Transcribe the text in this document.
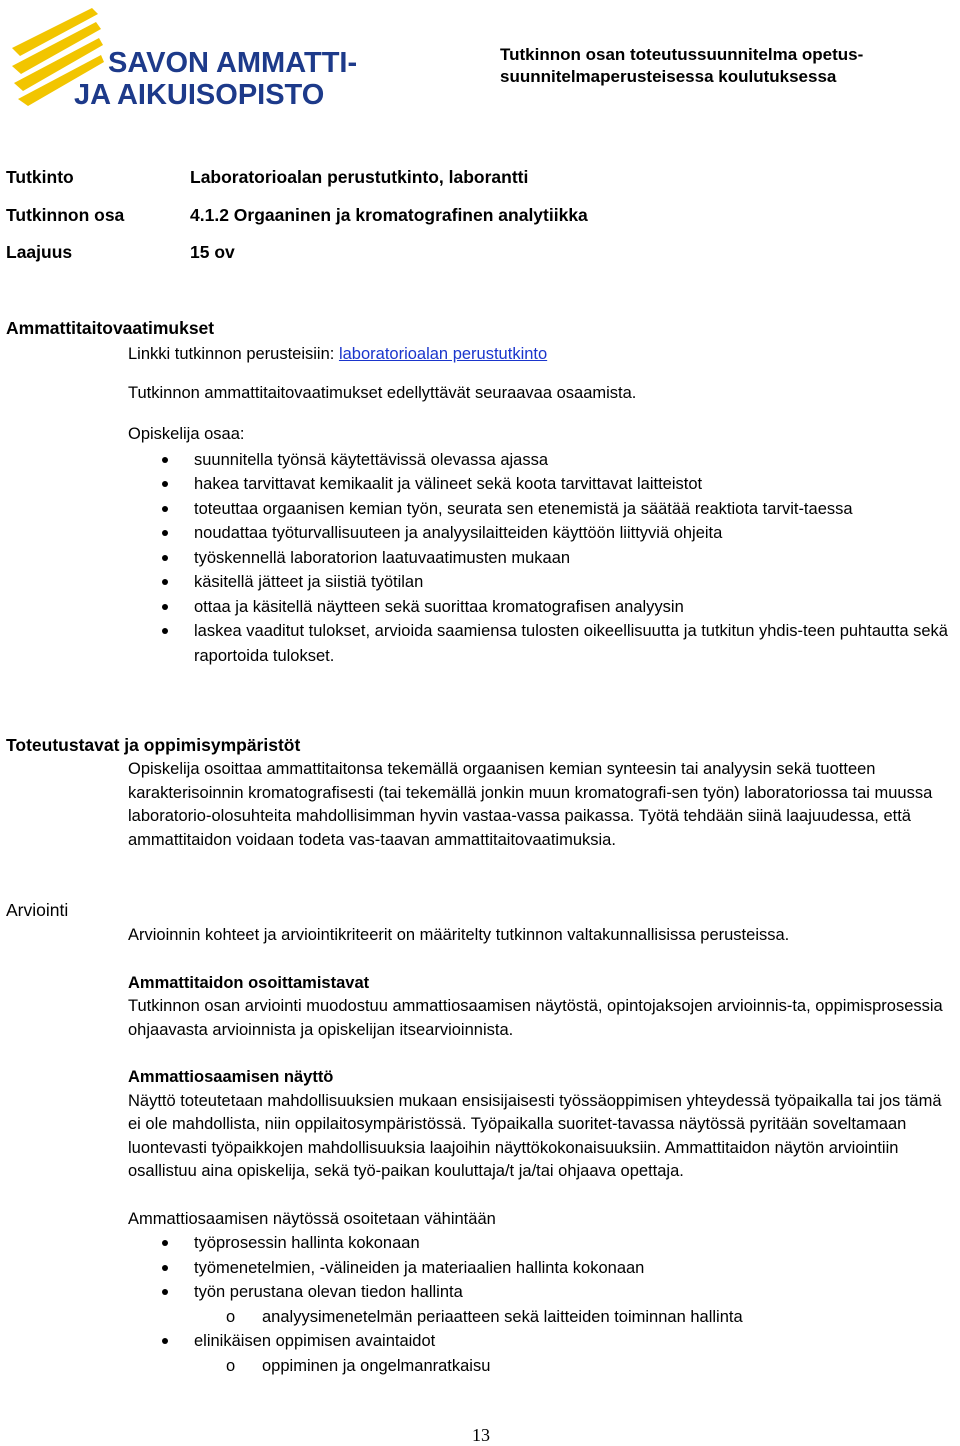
SAVON AMMATTI-
JA AIKUISOPISTO
Tutkinnon osan toteutussuunnitelma opetus-
suunnitelmaperusteisessa koulutuksessa
Tutkinto	Laboratorioalan perustutkinto, laborantti
Tutkinnon osa	4.1.2 Orgaaninen ja kromatografinen analytiikka
Laajuus	15 ov
Ammattitaitovaatimukset

Linkki tutkinnon perusteisiin: laboratorioalan perustutkinto

Tutkinnon ammattitaitovaatimukset edellyttävät seuraavaa osaamista.

Opiskelija osaa:

suunnitella työnsä käytettävissä olevassa ajassa
hakea tarvittavat kemikaalit ja välineet sekä koota tarvittavat laitteistot
toteuttaa orgaanisen kemian työn, seurata sen etenemistä ja säätää reaktiota tarvit-taessa
noudattaa työturvallisuuteen ja analyysilaitteiden käyttöön liittyviä ohjeita
työskennellä laboratorion laatuvaatimusten mukaan
käsitellä jätteet ja siistiä työtilan
ottaa ja käsitellä näytteen sekä suorittaa kromatografisen analyysin
laskea vaaditut tulokset, arvioida saamiensa tulosten oikeellisuutta ja tutkitun yhdis-teen puhtautta sekä raportoida tulokset.
Toteutustavat ja oppimisympäristöt
Opiskelija osoittaa ammattitaitonsa tekemällä orgaanisen kemian synteesin tai analyysin sekä tuotteen karakterisoinnin kromatografisesti (tai tekemällä jonkin muun kromatografi-sen työn) laboratoriossa tai muussa laboratorio-olosuhteita mahdollisimman hyvin vastaa-vassa paikassa. Työtä tehdään siinä laajuudessa, että ammattitaidon voidaan todeta vas-taavan ammattitaitovaatimuksia.
Arviointi

Arvioinnin kohteet ja arviointikriteerit on määritelty tutkinnon valtakunnallisissa perusteissa.

Ammattitaidon osoittamistavat

Tutkinnon osan arviointi muodostuu ammattiosaamisen näytöstä, opintojaksojen arvioinnis-ta, oppimisprosessia ohjaavasta arvioinnista ja opiskelijan itsearvioinnista.

Ammattiosaamisen näyttö

Näyttö toteutetaan mahdollisuuksien mukaan ensisijaisesti työssäoppimisen yhteydessä työpaikalla tai jos tämä ei ole mahdollista, niin oppilaitosympäristössä. Työpaikalla suoritet-tavassa näytössä pyritään soveltamaan luontevasti työpaikkojen mahdollisuuksia laajoihin näyttökokonaisuuksiin. Ammattitaidon näytön arviointiin osallistuu aina opiskelija, sekä työ-paikan kouluttaja/t ja/tai ohjaava opettaja.

Ammattiosaamisen näytössä osoitetaan vähintään

työprosessin hallinta kokonaan
työmenetelmien, -välineiden ja materiaalien hallinta kokonaan
työn perustana olevan tiedon hallinta
o analyysimenetelmän periaatteen sekä laitteiden toiminnan hallinta
elinikäisen oppimisen avaintaidot
o oppiminen ja ongelmanratkaisu
13
